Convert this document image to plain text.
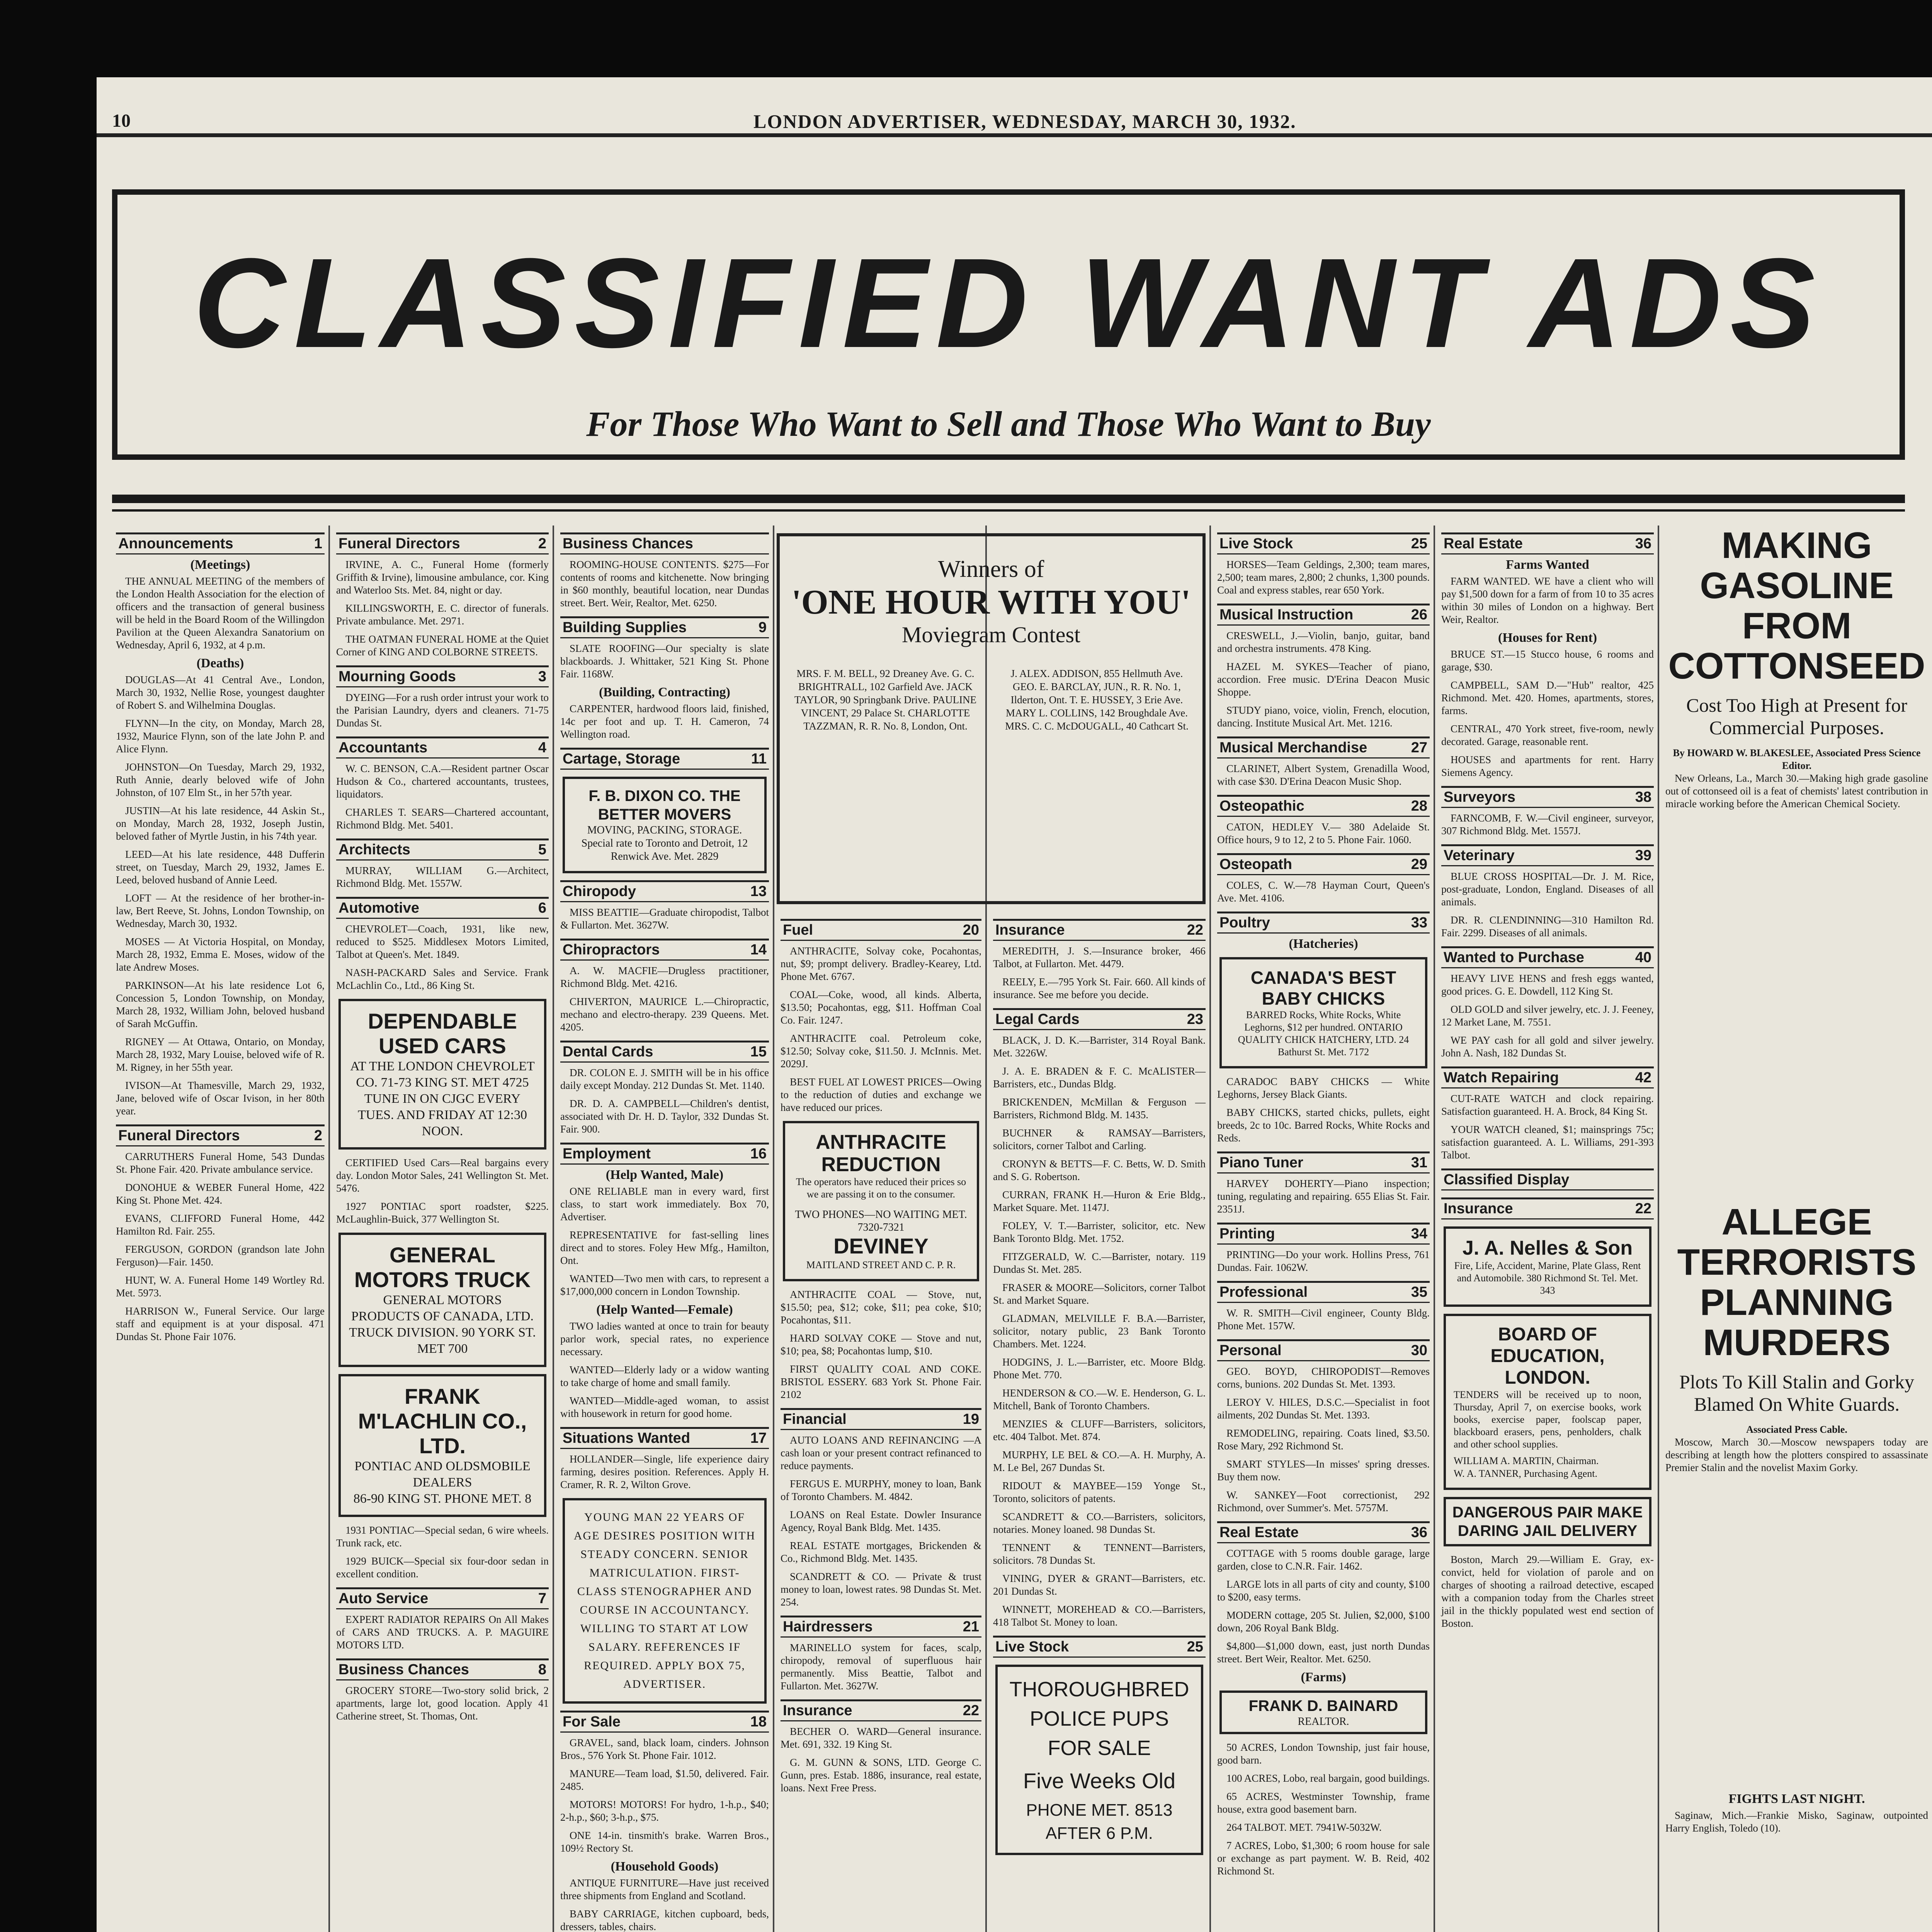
10	LONDON ADVERTISER, WEDNESDAY, MARCH 30, 1932.
CLASSIFIED WANT ADS
For Those Who Want to Sell and Those Who Want to Buy
Announcements	1
(Meetings)

THE ANNUAL MEETING of the members of the London Health Association for the election of officers and the transaction of general business will be held in the Board Room of the Willingdon Pavilion at the Queen Alexandra Sanatorium on Wednesday, April 6, 1932, at 4 p.m.

(Deaths)

DOUGLAS—At 41 Central Ave., London, March 30, 1932, Nellie Rose, youngest daughter of Robert S. and Wilhelmina Douglas.

FLYNN—In the city, on Monday, March 28, 1932, Maurice Flynn, son of the late John P. and Alice Flynn.

JOHNSTON—On Tuesday, March 29, 1932, Ruth Annie, dearly beloved wife of John Johnston, of 107 Elm St., in her 57th year.

JUSTIN—At his late residence, 44 Askin St., on Monday, March 28, 1932, Joseph Justin, beloved father of Myrtle Justin, in his 74th year.

LEED—At his late residence, 448 Dufferin street, on Tuesday, March 29, 1932, James E. Leed, beloved husband of Annie Leed.

LOFT — At the residence of her brother-in-law, Bert Reeve, St. Johns, London Township, on Wednesday, March 30, 1932.

MOSES — At Victoria Hospital, on Monday, March 28, 1932, Emma E. Moses, widow of the late Andrew Moses.

PARKINSON—At his late residence Lot 6, Concession 5, London Township, on Monday, March 28, 1932, William John, beloved husband of Sarah McGuffin.

RIGNEY — At Ottawa, Ontario, on Monday, March 28, 1932, Mary Louise, beloved wife of R. M. Rigney, in her 55th year.

IVISON—At Thamesville, March 29, 1932, Jane, beloved wife of Oscar Ivison, in her 80th year.

Funeral Directors	2

CARRUTHERS Funeral Home, 543 Dundas St. Phone Fair. 420. Private ambulance service.

DONOHUE & WEBER Funeral Home, 422 King St. Phone Met. 424.

EVANS, CLIFFORD Funeral Home, 442 Hamilton Rd. Fair. 255.

FERGUSON, GORDON (grandson late John Ferguson)—Fair. 1450.

HUNT, W. A. Funeral Home 149 Wortley Rd. Met. 5973.

HARRISON W., Funeral Service. Our large staff and equipment is at your disposal. 471 Dundas St. Phone Fair 1076.

Funeral Directors	2

IRVINE, A. C., Funeral Home (formerly Griffith & Irvine), limousine ambulance, cor. King and Waterloo Sts. Met. 84, night or day.

KILLINGSWORTH, E. C. director of funerals. Private ambulance. Met. 2971.

THE OATMAN FUNERAL HOME at the Quiet Corner of KING AND COLBORNE STREETS.

Mourning Goods	3

DYEING—For a rush order intrust your work to the Parisian Laundry, dyers and cleaners. 71-75 Dundas St.

Accountants	4

W. C. BENSON, C.A.—Resident partner Oscar Hudson & Co., chartered accountants, trustees, liquidators.

CHARLES T. SEARS—Chartered accountant, Richmond Bldg. Met. 5401.

Architects	5

MURRAY, WILLIAM G.—Architect, Richmond Bldg. Met. 1557W.

Automotive	6

CHEVROLET—Coach, 1931, like new, reduced to $525. Middlesex Motors Limited, Talbot at Queen's. Met. 1849.

NASH-PACKARD Sales and Service. Frank McLachlin Co., Ltd., 86 King St.

DEPENDABLE USED CARS
AT THE LONDON CHEVROLET CO. 71-73 KING ST. MET 4725 TUNE IN ON CJGC EVERY TUES. AND FRIDAY AT 12:30 NOON.

CERTIFIED Used Cars—Real bargains every day. London Motor Sales, 241 Wellington St. Met. 5476.

1927 PONTIAC sport roadster, $225. McLaughlin-Buick, 377 Wellington St.

GENERAL MOTORS TRUCK
GENERAL MOTORS PRODUCTS OF CANADA, LTD. TRUCK DIVISION. 90 YORK ST. MET 700
FRANK M'LACHLIN CO., LTD.
PONTIAC AND OLDSMOBILE DEALERS
86-90 KING ST. PHONE MET. 8

1931 PONTIAC—Special sedan, 6 wire wheels. Trunk rack, etc.

1929 BUICK—Special six four-door sedan in excellent condition.

Auto Service	7

EXPERT RADIATOR REPAIRS On All Makes of CARS AND TRUCKS. A. P. MAGUIRE MOTORS LTD.

Business Chances	8

GROCERY STORE—Two-story solid brick, 2 apartments, large lot, good location. Apply 41 Catherine street, St. Thomas, Ont.

Business Chances

ROOMING-HOUSE CONTENTS. $275—For contents of rooms and kitchenette. Now bringing in $60 monthly, beautiful location, near Dundas street. Bert. Weir, Realtor, Met. 6250.

Building Supplies	9

SLATE ROOFING—Our specialty is slate blackboards. J. Whittaker, 521 King St. Phone Fair. 1168W.

(Building, Contracting)

CARPENTER, hardwood floors laid, finished, 14c per foot and up. T. H. Cameron, 74 Wellington road.

Cartage, Storage	11
F. B. DIXON CO. THE BETTER MOVERS
MOVING, PACKING, STORAGE. Special rate to Toronto and Detroit, 12 Renwick Ave. Met. 2829
Chiropody	13

MISS BEATTIE—Graduate chiropodist, Talbot & Fullarton. Met. 3627W.

Chiropractors	14

A. W. MACFIE—Drugless practitioner, Richmond Bldg. Met. 4216.

CHIVERTON, MAURICE L.—Chiropractic, mechano and electro-therapy. 239 Queens. Met. 4205.

Dental Cards	15

DR. COLON E. J. SMITH will be in his office daily except Monday. 212 Dundas St. Met. 1140.

DR. D. A. CAMPBELL—Children's dentist, associated with Dr. H. D. Taylor, 332 Dundas St. Fair. 900.

Employment	16
(Help Wanted, Male)

ONE RELIABLE man in every ward, first class, to start work immediately. Box 70, Advertiser.

REPRESENTATIVE for fast-selling lines direct and to stores. Foley Hew Mfg., Hamilton, Ont.

WANTED—Two men with cars, to represent a $17,000,000 concern in London Township.

(Help Wanted—Female)

TWO ladies wanted at once to train for beauty parlor work, special rates, no experience necessary.

WANTED—Elderly lady or a widow wanting to take charge of home and small family.

WANTED—Middle-aged woman, to assist with housework in return for good home.

Situations Wanted	17

HOLLANDER—Single, life experience dairy farming, desires position. References. Apply H. Cramer, R. R. 2, Wilton Grove.

YOUNG MAN 22 YEARS OF AGE DESIRES POSITION WITH STEADY CONCERN. SENIOR MATRICULATION. FIRST-CLASS STENOGRAPHER AND COURSE IN ACCOUNTANCY. WILLING TO START AT LOW SALARY. REFERENCES IF REQUIRED. APPLY BOX 75, ADVERTISER.
For Sale	18

GRAVEL, sand, black loam, cinders. Johnson Bros., 576 York St. Phone Fair. 1012.

MANURE—Team load, $1.50, delivered. Fair. 2485.

MOTORS! MOTORS! For hydro, 1-h.p., $40; 2-h.p., $60; 3-h.p., $75.

ONE 14-in. tinsmith's brake. Warren Bros., 109½ Rectory St.

(Household Goods)

ANTIQUE FURNITURE—Have just received three shipments from England and Scotland.

BABY CARRIAGE, kitchen cupboard, beds, dressers, tables, chairs.

Winners of
'ONE HOUR WITH YOU'
Moviegram Contest
MRS. F. M. BELL, 92 Dreaney Ave. G. C. BRIGHTRALL, 102 Garfield Ave. JACK TAYLOR, 90 Springbank Drive. PAULINE VINCENT, 29 Palace St. CHARLOTTE TAZZMAN, R. R. No. 8, London, Ont.
J. ALEX. ADDISON, 855 Hellmuth Ave. GEO. E. BARCLAY, JUN., R. R. No. 1, Ilderton, Ont. T. E. HUSSEY, 3 Erie Ave. MARY L. COLLINS, 142 Broughdale Ave. MRS. C. C. McDOUGALL, 40 Cathcart St.
Fuel	20

ANTHRACITE, Solvay coke, Pocahontas, nut, $9; prompt delivery. Bradley-Kearey, Ltd. Phone Met. 6767.

COAL—Coke, wood, all kinds. Alberta, $13.50; Pocahontas, egg, $11. Hoffman Coal Co. Fair. 1247.

ANTHRACITE coal. Petroleum coke, $12.50; Solvay coke, $11.50. J. McInnis. Met. 2029J.

BEST FUEL AT LOWEST PRICES—Owing to the reduction of duties and exchange we have reduced our prices.

ANTHRACITE REDUCTION
The operators have reduced their prices so we are passing it on to the consumer.
TWO PHONES—NO WAITING MET. 7320-7321
DEVINEY
MAITLAND STREET AND C. P. R.

ANTHRACITE COAL — Stove, nut, $15.50; pea, $12; coke, $11; pea coke, $10; Pocahontas, $11.

HARD SOLVAY COKE — Stove and nut, $10; pea, $8; Pocahontas lump, $10.

FIRST QUALITY COAL AND COKE. BRISTOL ESSERY. 683 York St. Phone Fair. 2102

Financial	19

AUTO LOANS AND REFINANCING —A cash loan or your present contract refinanced to reduce payments.

FERGUS E. MURPHY, money to loan, Bank of Toronto Chambers. M. 4842.

LOANS on Real Estate. Dowler Insurance Agency, Royal Bank Bldg. Met. 1435.

REAL ESTATE mortgages, Brickenden & Co., Richmond Bldg. Met. 1435.

SCANDRETT & CO. — Private & trust money to loan, lowest rates. 98 Dundas St. Met. 254.

Hairdressers	21

MARINELLO system for faces, scalp, chiropody, removal of superfluous hair permanently. Miss Beattie, Talbot and Fullarton. Met. 3627W.

Insurance	22

BECHER O. WARD—General insurance. Met. 691, 332. 19 King St.

G. M. GUNN & SONS, LTD. George C. Gunn, pres. Estab. 1886, insurance, real estate, loans. Next Free Press.

Insurance	22

MEREDITH, J. S.—Insurance broker, 466 Talbot, at Fullarton. Met. 4479.

REELY, E.—795 York St. Fair. 660. All kinds of insurance. See me before you decide.

Legal Cards	23

BLACK, J. D. K.—Barrister, 314 Royal Bank. Met. 3226W.

J. A. E. BRADEN & F. C. McALISTER—Barristers, etc., Dundas Bldg.

BRICKENDEN, McMillan & Ferguson —Barristers, Richmond Bldg. M. 1435.

BUCHNER & RAMSAY—Barristers, solicitors, corner Talbot and Carling.

CRONYN & BETTS—F. C. Betts, W. D. Smith and S. G. Robertson.

CURRAN, FRANK H.—Huron & Erie Bldg., Market Square. Met. 1147J.

FOLEY, V. T.—Barrister, solicitor, etc. New Bank Toronto Bldg. Met. 1752.

FITZGERALD, W. C.—Barrister, notary. 119 Dundas St. Met. 285.

FRASER & MOORE—Solicitors, corner Talbot St. and Market Square.

GLADMAN, MELVILLE F. B.A.—Barrister, solicitor, notary public, 23 Bank Toronto Chambers. Met. 1224.

HODGINS, J. L.—Barrister, etc. Moore Bldg. Phone Met. 770.

HENDERSON & CO.—W. E. Henderson, G. L. Mitchell, Bank of Toronto Chambers.

MENZIES & CLUFF—Barristers, solicitors, etc. 404 Talbot. Met. 874.

MURPHY, LE BEL & CO.—A. H. Murphy, A. M. Le Bel, 267 Dundas St.

RIDOUT & MAYBEE—159 Yonge St., Toronto, solicitors of patents.

SCANDRETT & CO.—Barristers, solicitors, notaries. Money loaned. 98 Dundas St.

TENNENT & TENNENT—Barristers, solicitors. 78 Dundas St.

VINING, DYER & GRANT—Barristers, etc. 201 Dundas St.

WINNETT, MOREHEAD & CO.—Barristers, 418 Talbot St. Money to loan.

Live Stock	25
THOROUGHBRED POLICE PUPS FOR SALE
Five Weeks Old
PHONE MET. 8513 AFTER 6 P.M.
Live Stock	25

HORSES—Team Geldings, 2,300; team mares, 2,500; team mares, 2,800; 2 chunks, 1,300 pounds. Coal and express stables, rear 650 York.

Musical Instruction	26

CRESWELL, J.—Violin, banjo, guitar, band and orchestra instruments. 478 King.

HAZEL M. SYKES—Teacher of piano, accordion. Free music. D'Erina Deacon Music Shoppe.

STUDY piano, voice, violin, French, elocution, dancing. Institute Musical Art. Met. 1216.

Musical Merchandise	27

CLARINET, Albert System, Grenadilla Wood, with case $30. D'Erina Deacon Music Shop.

Osteopathic	28

CATON, HEDLEY V.— 380 Adelaide St. Office hours, 9 to 12, 2 to 5. Phone Fair. 1060.

Osteopath	29

COLES, C. W.—78 Hayman Court, Queen's Ave. Met. 4106.

Poultry	33
(Hatcheries)
CANADA'S BEST BABY CHICKS
BARRED Rocks, White Rocks, White Leghorns, $12 per hundred. ONTARIO QUALITY CHICK HATCHERY, LTD. 24 Bathurst St. Met. 7172

CARADOC BABY CHICKS — White Leghorns, Jersey Black Giants.

BABY CHICKS, started chicks, pullets, eight breeds, 2c to 10c. Barred Rocks, White Rocks and Reds.

Piano Tuner	31

HARVEY DOHERTY—Piano inspection; tuning, regulating and repairing. 655 Elias St. Fair. 2351J.

Printing	34

PRINTING—Do your work. Hollins Press, 761 Dundas. Fair. 1062W.

Professional	35

W. R. SMITH—Civil engineer, County Bldg. Phone Met. 157W.

Personal	30

GEO. BOYD, CHIROPODIST—Removes corns, bunions. 202 Dundas St. Met. 1393.

LEROY V. HILES, D.S.C.—Specialist in foot ailments, 202 Dundas St. Met. 1393.

REMODELING, repairing. Coats lined, $3.50. Rose Mary, 292 Richmond St.

SMART STYLES—In misses' spring dresses. Buy them now.

W. SANKEY—Foot correctionist, 292 Richmond, over Summer's. Met. 5757M.

Real Estate	36

COTTAGE with 5 rooms double garage, large garden, close to C.N.R. Fair. 1462.

LARGE lots in all parts of city and county, $100 to $200, easy terms.

MODERN cottage, 205 St. Julien, $2,000, $100 down, 206 Royal Bank Bldg.

$4,800—$1,000 down, east, just north Dundas street. Bert Weir, Realtor. Met. 6250.

(Farms)
FRANK D. BAINARD
REALTOR.

50 ACRES, London Township, just fair house, good barn.

100 ACRES, Lobo, real bargain, good buildings.

65 ACRES, Westminster Township, frame house, extra good basement barn.

264 TALBOT. MET. 7941W-5032W.

7 ACRES, Lobo, $1,300; 6 room house for sale or exchange as part payment. W. B. Reid, 402 Richmond St.

Real Estate	36
Farms Wanted

FARM WANTED. WE have a client who will pay $1,500 down for a farm of from 10 to 35 acres within 30 miles of London on a highway. Bert Weir, Realtor.

(Houses for Rent)

BRUCE ST.—15 Stucco house, 6 rooms and garage, $30.

CAMPBELL, SAM D.—"Hub" realtor, 425 Richmond. Met. 420. Homes, apartments, stores, farms.

CENTRAL, 470 York street, five-room, newly decorated. Garage, reasonable rent.

HOUSES and apartments for rent. Harry Siemens Agency.

Surveyors	38

FARNCOMB, F. W.—Civil engineer, surveyor, 307 Richmond Bldg. Met. 1557J.

Veterinary	39

BLUE CROSS HOSPITAL—Dr. J. M. Rice, post-graduate, London, England. Diseases of all animals.

DR. R. CLENDINNING—310 Hamilton Rd. Fair. 2299. Diseases of all animals.

Wanted to Purchase	40

HEAVY LIVE HENS and fresh eggs wanted, good prices. G. E. Dowdell, 112 King St.

OLD GOLD and silver jewelry, etc. J. J. Feeney, 12 Market Lane, M. 7551.

WE PAY cash for all gold and silver jewelry. John A. Nash, 182 Dundas St.

Watch Repairing	42

CUT-RATE WATCH and clock repairing. Satisfaction guaranteed. H. A. Brock, 84 King St.

YOUR WATCH cleaned, $1; mainsprings 75c; satisfaction guaranteed. A. L. Williams, 291-393 Talbot.

Classified Display
Insurance	22
J. A. Nelles & Son
Fire, Life, Accident, Marine, Plate Glass, Rent and Automobile. 380 Richmond St. Tel. Met. 343
BOARD OF EDUCATION, LONDON.
TENDERS will be received up to noon, Thursday, April 7, on exercise books, work books, exercise paper, foolscap paper, blackboard erasers, pens, penholders, chalk and other school supplies.
WILLIAM A. MARTIN, Chairman.
W. A. TANNER, Purchasing Agent.
DANGEROUS PAIR MAKE DARING JAIL DELIVERY

Boston, March 29.—William E. Gray, ex-convict, held for violation of parole and on charges of shooting a railroad detective, escaped with a companion today from the Charles street jail in the thickly populated west end section of Boston.

MAKING GASOLINE FROM COTTONSEED
Cost Too High at Present for Commercial Purposes.
By HOWARD W. BLAKESLEE, Associated Press Science Editor.

New Orleans, La., March 30.—Making high grade gasoline out of cottonseed oil is a feat of chemists' latest contribution in miracle working before the American Chemical Society.

ALLEGE TERRORISTS PLANNING MURDERS
Plots To Kill Stalin and Gorky Blamed On White Guards.
Associated Press Cable.

Moscow, March 30.—Moscow newspapers today are describing at length how the plotters conspired to assassinate Premier Stalin and the novelist Maxim Gorky.

FIGHTS LAST NIGHT.

Saginaw, Mich.—Frankie Misko, Saginaw, outpointed Harry English, Toledo (10).
